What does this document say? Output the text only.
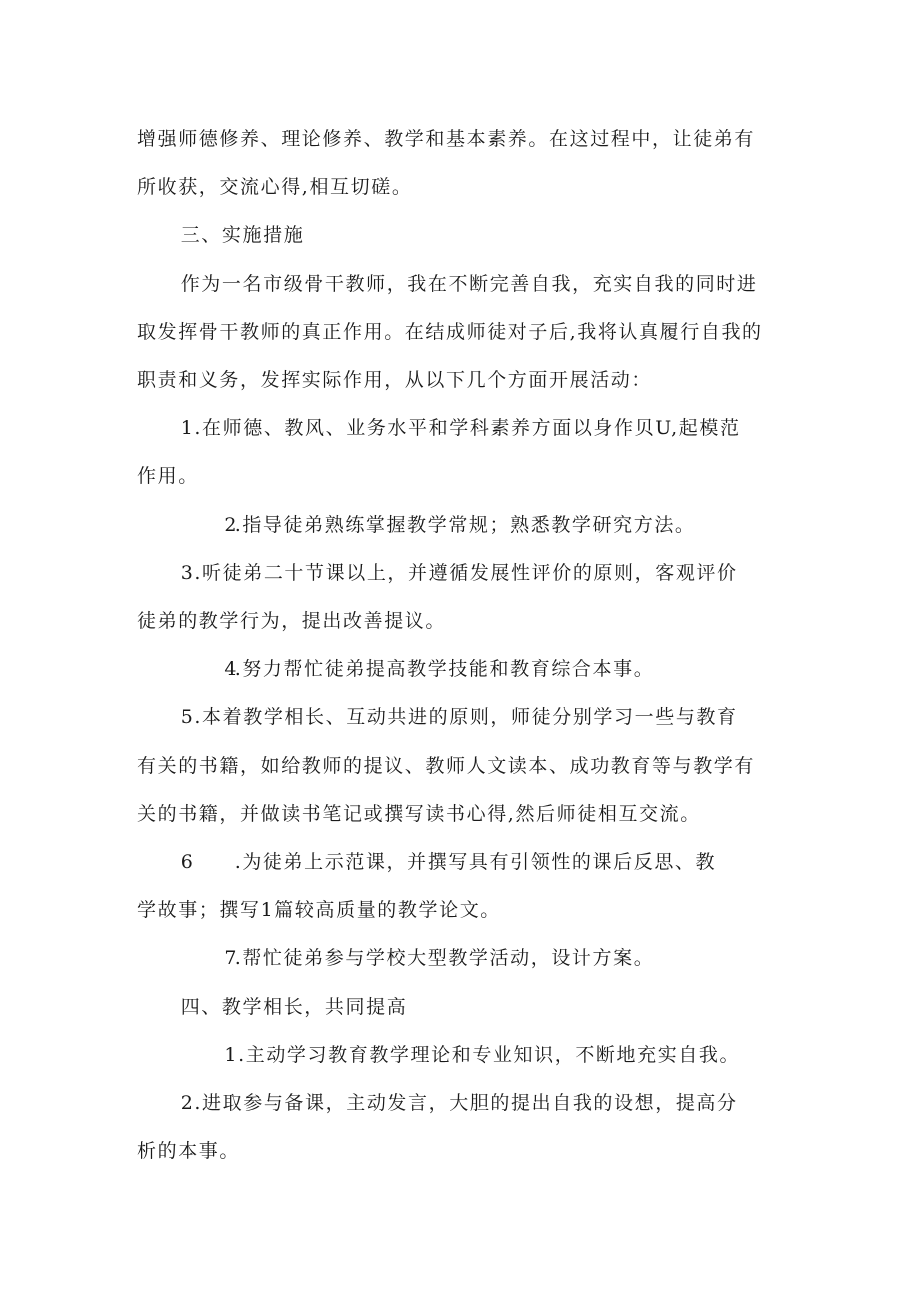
增强师德修养、理论修养、教学和基本素养。在这过程中，让徒弟有
所收获，交流心得,相互切磋。

三、实施措施

作为一名市级骨干教师，我在不断完善自我，充实自我的同时进
取发挥骨干教师的真正作用。在结成师徒对子后,我将认真履行自我的
职责和义务，发挥实际作用，从以下几个方面开展活动：

1.在师德、教风、业务水平和学科素养方面以身作贝U,起模范
作用。

2.指导徒弟熟练掌握教学常规；熟悉教学研究方法。

3.听徒弟二十节课以上，并遵循发展性评价的原则，客观评价
徒弟的教学行为，提出改善提议。

4.努力帮忙徒弟提高教学技能和教育综合本事。

5.本着教学相长、互动共进的原则，师徒分别学习一些与教育
有关的书籍，如给教师的提议、教师人文读本、成功教育等与教学有
关的书籍，并做读书笔记或撰写读书心得,然后师徒相互交流。

6 .为徒弟上示范课，并撰写具有引领性的课后反思、教
学故事；撰写1篇较高质量的教学论文。

7.帮忙徒弟参与学校大型教学活动，设计方案。

四、教学相长，共同提高

1.主动学习教育教学理论和专业知识，不断地充实自我。

2.进取参与备课，主动发言，大胆的提出自我的设想，提高分
析的本事。
